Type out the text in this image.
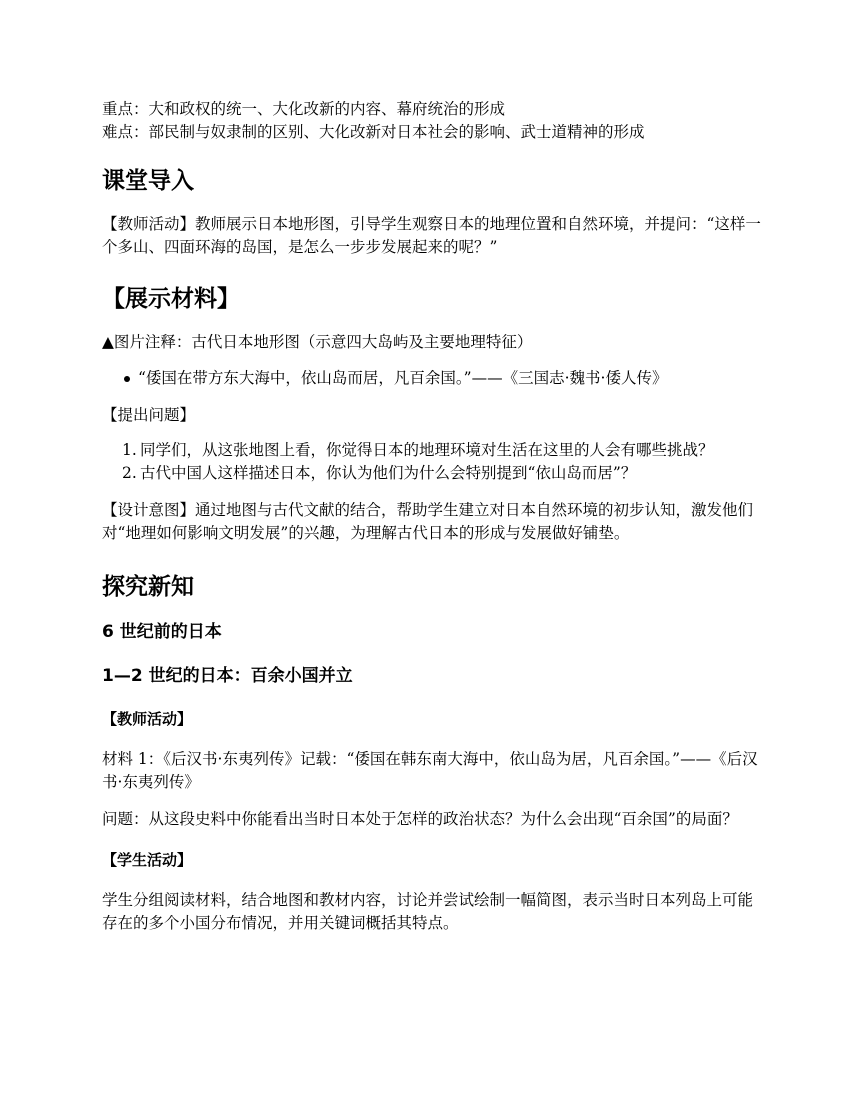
重点：大和政权的统一、大化改新的内容、幕府统治的形成

难点：部民制与奴隶制的区别、大化改新对日本社会的影响、武士道精神的形成

课堂导入

【教师活动】教师展示日本地形图，引导学生观察日本的地理位置和自然环境，并提问：“这样一个多山、四面环海的岛国，是怎么一步步发展起来的呢？”

【展示材料】

▲图片注释：古代日本地形图（示意四大岛屿及主要地理特征）

“倭国在带方东大海中，依山岛而居，凡百余国。”——《三国志·魏书·倭人传》

【提出问题】

1. 同学们，从这张地图上看，你觉得日本的地理环境对生活在这里的人会有哪些挑战？
2. 古代中国人这样描述日本，你认为他们为什么会特别提到“依山岛而居”？

【设计意图】通过地图与古代文献的结合，帮助学生建立对日本自然环境的初步认知，激发他们对“地理如何影响文明发展”的兴趣，为理解古代日本的形成与发展做好铺垫。

探究新知
6 世纪前的日本
1—2 世纪的日本：百余小国并立
【教师活动】

材料 1：《后汉书·东夷列传》记载：“倭国在韩东南大海中，依山岛为居，凡百余国。”——《后汉书·东夷列传》

问题：从这段史料中你能看出当时日本处于怎样的政治状态？为什么会出现“百余国”的局面？

【学生活动】

学生分组阅读材料，结合地图和教材内容，讨论并尝试绘制一幅简图，表示当时日本列岛上可能存在的多个小国分布情况，并用关键词概括其特点。
